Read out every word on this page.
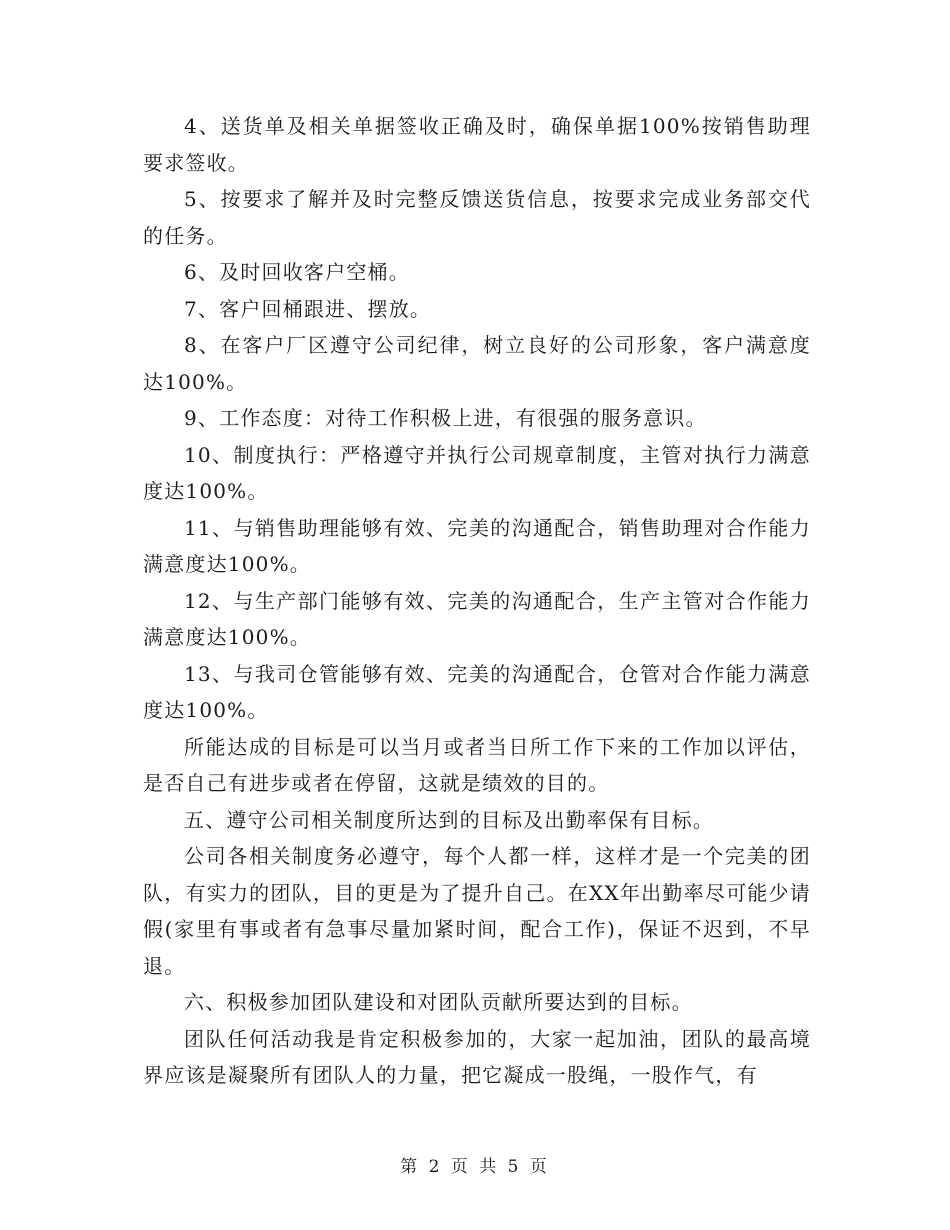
4、送货单及相关单据签收正确及时，确保单据100%按销售助理要求签收。

5、按要求了解并及时完整反馈送货信息，按要求完成业务部交代的任务。

6、及时回收客户空桶。

7、客户回桶跟进、摆放。

8、在客户厂区遵守公司纪律，树立良好的公司形象，客户满意度达100%。

9、工作态度：对待工作积极上进，有很强的服务意识。

10、制度执行：严格遵守并执行公司规章制度，主管对执行力满意度达100%。

11、与销售助理能够有效、完美的沟通配合，销售助理对合作能力满意度达100%。

12、与生产部门能够有效、完美的沟通配合，生产主管对合作能力满意度达100%。

13、与我司仓管能够有效、完美的沟通配合，仓管对合作能力满意度达100%。

所能达成的目标是可以当月或者当日所工作下来的工作加以评估，是否自己有进步或者在停留，这就是绩效的目的。

五、遵守公司相关制度所达到的目标及出勤率保有目标。

公司各相关制度务必遵守，每个人都一样，这样才是一个完美的团队，有实力的团队，目的更是为了提升自己。在XX年出勤率尽可能少请假(家里有事或者有急事尽量加紧时间，配合工作)，保证不迟到，不早退。

六、积极参加团队建设和对团队贡献所要达到的目标。

团队任何活动我是肯定积极参加的，大家一起加油，团队的最高境界应该是凝聚所有团队人的力量，把它凝成一股绳，一股作气，有

第 2 页 共 5 页
